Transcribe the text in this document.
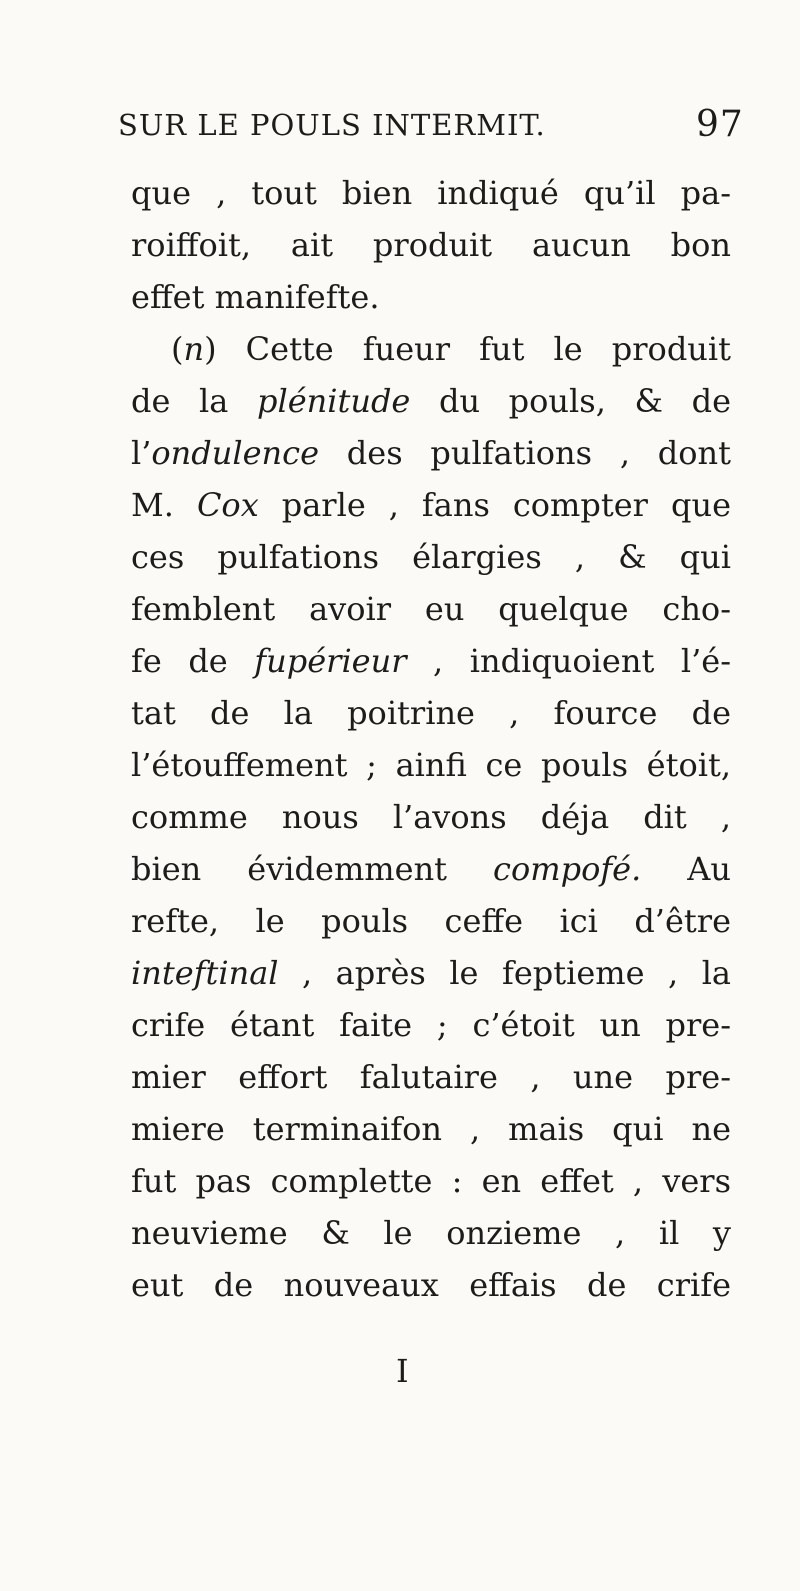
SUR LE POULS INTERMIT.	97
que , tout bien indiqué qu’il pa-
roiffoit, ait produit aucun bon
effet manifefte.
(n) Cette fueur fut le produit
de la plénitude du pouls, & de
l’ondulence des pulfations , dont
M. Cox parle , fans compter que
ces pulfations élargies , & qui
femblent avoir eu quelque cho-
fe de fupérieur , indiquoient l’é-
tat de la poitrine , fource de
l’étouffement ; ainfi ce pouls étoit,
comme nous l’avons déja dit ,
bien évidemment compofé. Au
refte, le pouls ceffe ici d’être
inteftinal , après le feptieme , la
crife étant faite ; c’étoit un pre-
mier effort falutaire , une pre-
miere terminaifon , mais qui ne
fut pas complette : en effet , vers
neuvieme & le onzieme , il y
eut de nouveaux effais de crife
I
